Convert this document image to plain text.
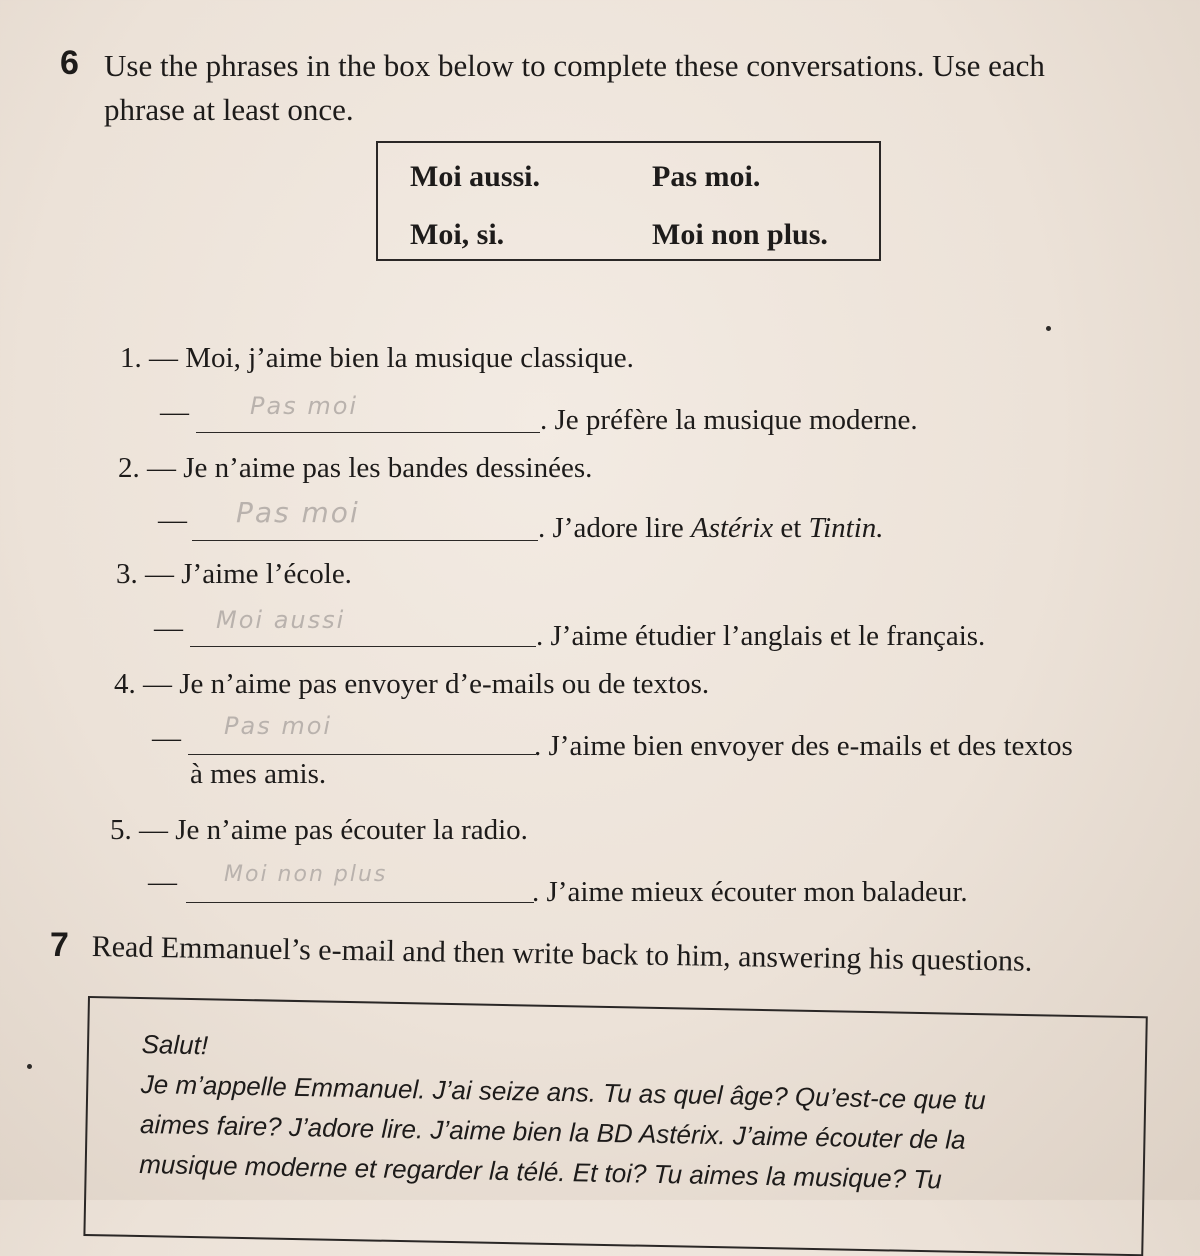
6 Use the phrases in the box below to complete these conversations. Use each phrase at least once.
Moi aussi.	Pas moi.
Moi, si.	Moi non plus.
1. — Moi, j’aime bien la musique classique.
—	Pas moi	. Je préfère la musique moderne.
2. — Je n’aime pas les bandes dessinées.
— Pas moi	. J’adore lire Astérix et Tintin.
3. — J’aime l’école.
— Moi aussi	. J’aime étudier l’anglais et le français.
4. — Je n’aime pas envoyer d’e-mails ou de textos.
— Pas moi
. J’aime bien envoyer des e-mails et des textos
à mes amis.
5. — Je n’aime pas écouter la radio.
— Moi non plus
. J’aime mieux écouter mon baladeur.
7 Read Emmanuel’s e-mail and then write back to him, answering his questions.

Salut!

Je m’appelle Emmanuel. J’ai seize ans. Tu as quel âge? Qu’est-ce que tu

aimes faire? J’adore lire. J’aime bien la BD Astérix. J’aime écouter de la

musique moderne et regarder la télé. Et toi? Tu aimes la musique? Tu
